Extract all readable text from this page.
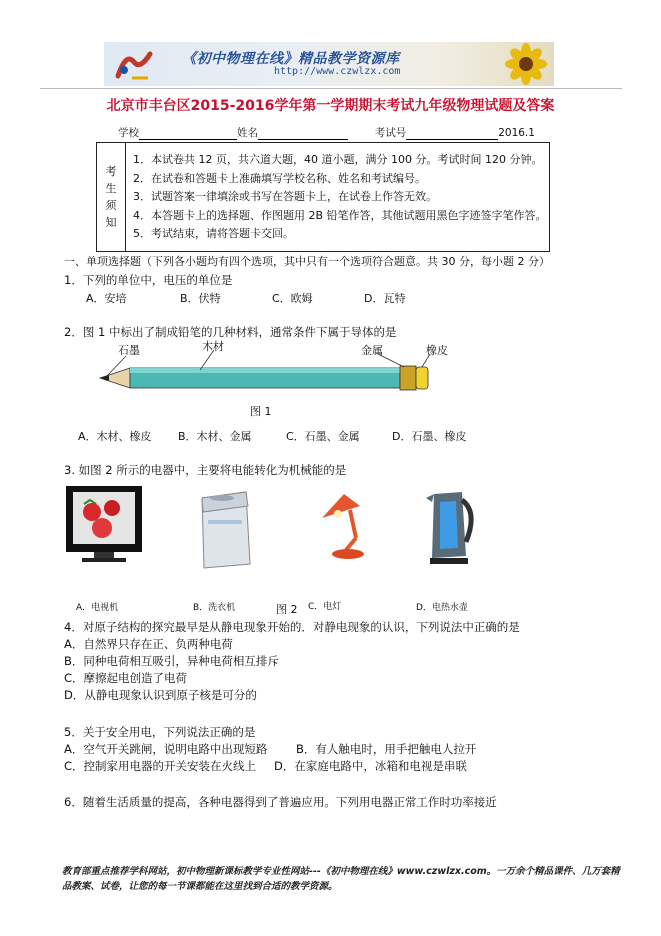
《初中物理在线》精品教学资源库
http://www.czwlzx.com
北京市丰台区2015-2016学年第一学期期末考试九年级物理试题及答案
学校	姓名	考试号	2016.1
考
生
须
知
1．本试卷共 12 页，共六道大题，40 道小题，满分 100 分。考试时间 120 分钟。
2．在试卷和答题卡上准确填写学校名称、姓名和考试编号。
3．试题答案一律填涂或书写在答题卡上，在试卷上作答无效。
4．本答题卡上的选择题、作图题用 2B 铅笔作答，其他试题用黑色字迹签字笔作答。
5．考试结束，请将答题卡交回。
一、单项选择题（下列各小题均有四个选项，其中只有一个选项符合题意。共 30 分，每小题 2 分）
1．下列的单位中，电压的单位是
A．安培	B．伏特	C．欧姆	D．瓦特
2．图 1 中标出了制成铅笔的几种材料，通常条件下属于导体的是
石墨	木材	金属	橡皮
图 1
A．木材、橡皮 B．木材、金属	C．石墨、金属	D．石墨、橡皮
3. 如图 2 所示的电器中，主要将电能转化为机械能的是
A．电视机	B．洗衣机	图 2 C．电灯	D．电热水壶
4．对原子结构的探究最早是从静电现象开始的．对静电现象的认识，下列说法中正确的是
A．自然界只存在正、负两种电荷
B．同种电荷相互吸引，异种电荷相互排斥
C．摩擦起电创造了电荷
D．从静电现象认识到原子核是可分的
5．关于安全用电，下列说法正确的是
A．空气开关跳闸，说明电路中出现短路 B．有人触电时，用手把触电人拉开
C．控制家用电器的开关安装在火线上 D．在家庭电路中，冰箱和电视是串联
6．随着生活质量的提高，各种电器得到了普遍应用。下列用电器正常工作时功率接近
教育部重点推荐学科网站，初中物理新课标教学专业性网站---《初中物理在线》www.czwlzx.com。一万余个精品课件、几万套精品教案、试卷，让您的每一节课都能在这里找到合适的教学资源。
